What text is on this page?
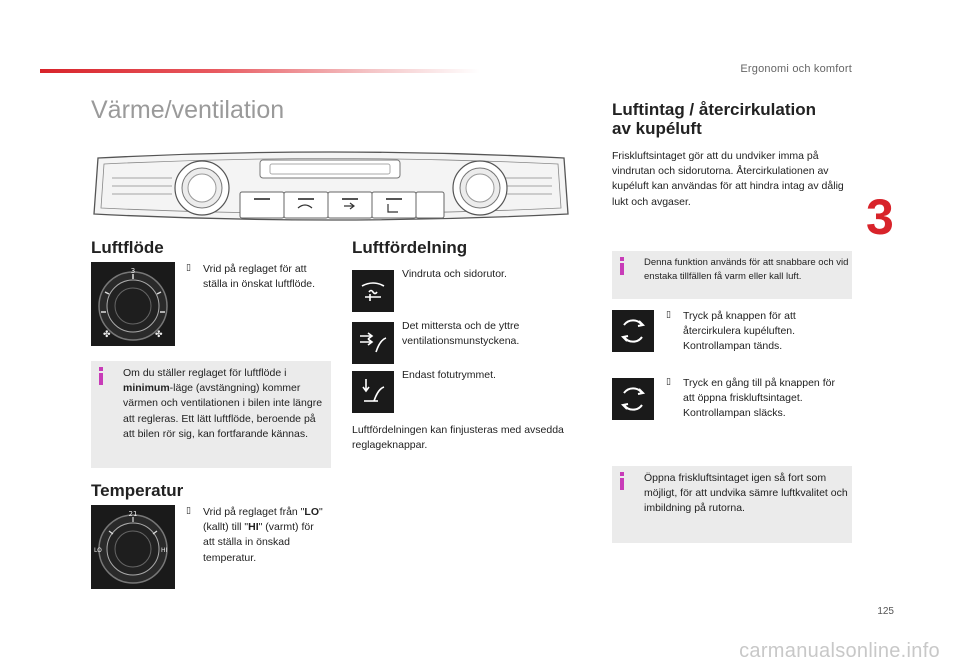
Ergonomi och komfort
Värme/ventilation
3
Luftflöde
3
✤	✤
▯	Vrid på reglaget för att ställa in önskat luftflöde.
Om du ställer reglaget för luftflöde i minimum-läge (avstängning) kommer värmen och ventilationen i bilen inte längre att regleras. Ett lätt luftflöde, beroende på att bilen rör sig, kan fortfarande kännas.
Temperatur
21
LO	HI
▯	Vrid på reglaget från "LO" (kallt) till "HI" (varmt) för att ställa in önskad temperatur.
Luftfördelning
Vindruta och sidorutor.
Det mittersta och de yttre ventilationsmunstyckena.
Endast fotutrymmet.
Luftfördelningen kan finjusteras med avsedda reglageknappar.
Luftintag / återcirkulation
av kupéluft
Friskluftsintaget gör att du undviker imma på vindrutan och sidorutorna. Återcirkulationen av kupéluft kan användas för att hindra intag av dålig lukt och avgaser.
Denna funktion används för att snabbare och vid enstaka tillfällen få varm eller kall luft.
▯	Tryck på knappen för att återcirkulera kupéluften. Kontrollampan tänds.
▯	Tryck en gång till på knappen för att öppna friskluftsintaget. Kontrollampan släcks.
Öppna friskluftsintaget igen så fort som möjligt, för att undvika sämre luftkvalitet och imbildning på rutorna.
125
carmanualsonline.info
